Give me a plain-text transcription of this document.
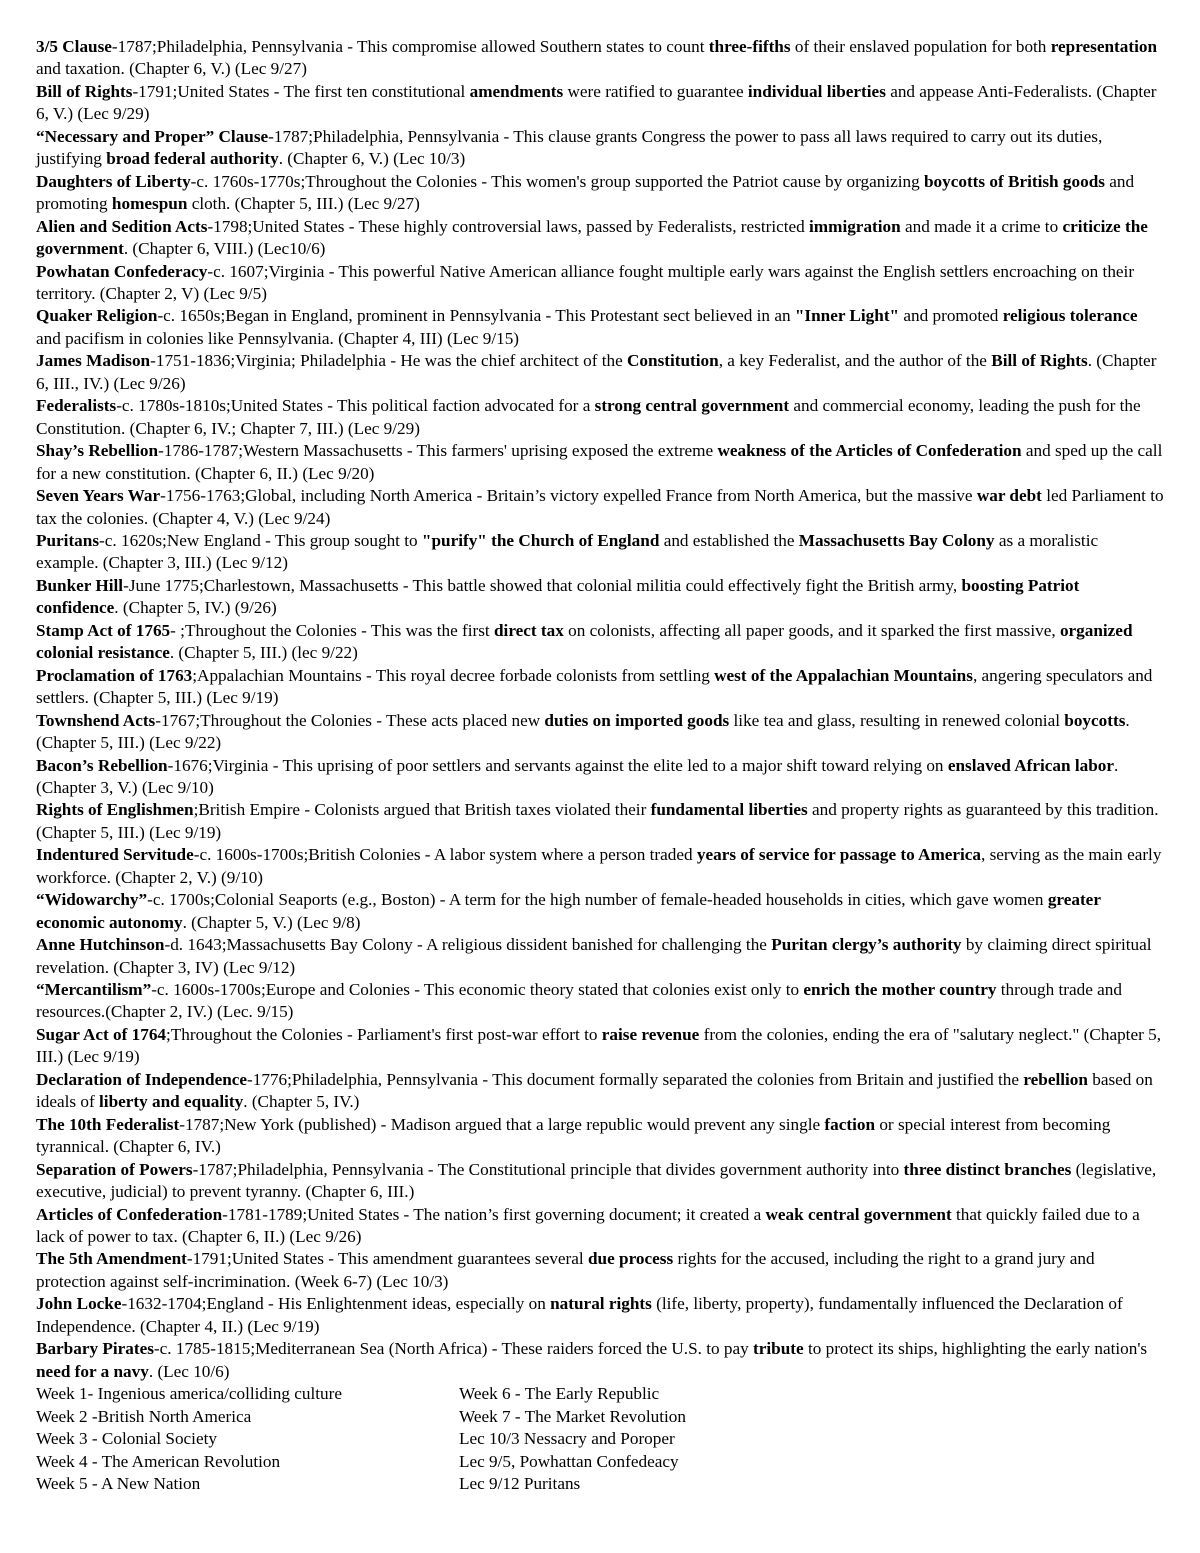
3/5 Clause-1787;Philadelphia, Pennsylvania - This compromise allowed Southern states to count three-fifths of their enslaved population for both representation and taxation. (Chapter 6, V.) (Lec 9/27)

Bill of Rights-1791;United States - The first ten constitutional amendments were ratified to guarantee individual liberties and appease Anti-Federalists. (Chapter 6, V.) (Lec 9/29)

“Necessary and Proper” Clause-1787;Philadelphia, Pennsylvania - This clause grants Congress the power to pass all laws required to carry out its duties, justifying broad federal authority. (Chapter 6, V.) (Lec 10/3)

Daughters of Liberty-c. 1760s-1770s;Throughout the Colonies - This women's group supported the Patriot cause by organizing boycotts of British goods and promoting homespun cloth. (Chapter 5, III.) (Lec 9/27)

Alien and Sedition Acts-1798;United States - These highly controversial laws, passed by Federalists, restricted immigration and made it a crime to criticize the government. (Chapter 6, VIII.) (Lec10/6)

Powhatan Confederacy-c. 1607;Virginia - This powerful Native American alliance fought multiple early wars against the English settlers encroaching on their territory. (Chapter 2, V) (Lec 9/5)

Quaker Religion-c. 1650s;Began in England, prominent in Pennsylvania - This Protestant sect believed in an "Inner Light" and promoted religious tolerance and pacifism in colonies like Pennsylvania. (Chapter 4, III) (Lec 9/15)

James Madison-1751-1836;Virginia; Philadelphia - He was the chief architect of the Constitution, a key Federalist, and the author of the Bill of Rights. (Chapter 6, III., IV.) (Lec 9/26)

Federalists-c. 1780s-1810s;United States - This political faction advocated for a strong central government and commercial economy, leading the push for the Constitution. (Chapter 6, IV.; Chapter 7, III.) (Lec 9/29)

Shay’s Rebellion-1786-1787;Western Massachusetts - This farmers' uprising exposed the extreme weakness of the Articles of Confederation and sped up the call for a new constitution. (Chapter 6, II.) (Lec 9/20)

Seven Years War-1756-1763;Global, including North America - Britain’s victory expelled France from North America, but the massive war debt led Parliament to tax the colonies. (Chapter 4, V.) (Lec 9/24)

Puritans-c. 1620s;New England - This group sought to "purify" the Church of England and established the Massachusetts Bay Colony as a moralistic example. (Chapter 3, III.) (Lec 9/12)

Bunker Hill-June 1775;Charlestown, Massachusetts - This battle showed that colonial militia could effectively fight the British army, boosting Patriot confidence. (Chapter 5, IV.) (9/26)

Stamp Act of 1765- ;Throughout the Colonies - This was the first direct tax on colonists, affecting all paper goods, and it sparked the first massive, organized colonial resistance. (Chapter 5, III.) (lec 9/22)

Proclamation of 1763;Appalachian Mountains - This royal decree forbade colonists from settling west of the Appalachian Mountains, angering speculators and settlers. (Chapter 5, III.) (Lec 9/19)

Townshend Acts-1767;Throughout the Colonies - These acts placed new duties on imported goods like tea and glass, resulting in renewed colonial boycotts. (Chapter 5, III.) (Lec 9/22)

Bacon’s Rebellion-1676;Virginia - This uprising of poor settlers and servants against the elite led to a major shift toward relying on enslaved African labor. (Chapter 3, V.) (Lec 9/10)

Rights of Englishmen;British Empire - Colonists argued that British taxes violated their fundamental liberties and property rights as guaranteed by this tradition. (Chapter 5, III.) (Lec 9/19)

Indentured Servitude-c. 1600s-1700s;British Colonies - A labor system where a person traded years of service for passage to America, serving as the main early workforce. (Chapter 2, V.) (9/10)

“Widowarchy”-c. 1700s;Colonial Seaports (e.g., Boston) - A term for the high number of female-headed households in cities, which gave women greater economic autonomy. (Chapter 5, V.) (Lec 9/8)

Anne Hutchinson-d. 1643;Massachusetts Bay Colony - A religious dissident banished for challenging the Puritan clergy’s authority by claiming direct spiritual revelation. (Chapter 3, IV) (Lec 9/12)

“Mercantilism”-c. 1600s-1700s;Europe and Colonies - This economic theory stated that colonies exist only to enrich the mother country through trade and resources.(Chapter 2, IV.) (Lec. 9/15)

Sugar Act of 1764;Throughout the Colonies - Parliament's first post-war effort to raise revenue from the colonies, ending the era of "salutary neglect." (Chapter 5, III.) (Lec 9/19)

Declaration of Independence-1776;Philadelphia, Pennsylvania - This document formally separated the colonies from Britain and justified the rebellion based on ideals of liberty and equality. (Chapter 5, IV.)

The 10th Federalist-1787;New York (published) - Madison argued that a large republic would prevent any single faction or special interest from becoming tyrannical. (Chapter 6, IV.)

Separation of Powers-1787;Philadelphia, Pennsylvania - The Constitutional principle that divides government authority into three distinct branches (legislative, executive, judicial) to prevent tyranny. (Chapter 6, III.)

Articles of Confederation-1781-1789;United States - The nation’s first governing document; it created a weak central government that quickly failed due to a lack of power to tax. (Chapter 6, II.) (Lec 9/26)

The 5th Amendment-1791;United States - This amendment guarantees several due process rights for the accused, including the right to a grand jury and protection against self-incrimination. (Week 6-7) (Lec 10/3)

John Locke-1632-1704;England - His Enlightenment ideas, especially on natural rights (life, liberty, property), fundamentally influenced the Declaration of Independence. (Chapter 4, II.) (Lec 9/19)

Barbary Pirates-c. 1785-1815;Mediterranean Sea (North Africa) - These raiders forced the U.S. to pay tribute to protect its ships, highlighting the early nation's need for a navy. (Lec 10/6)

Week 1- Ingenious america/colliding culture	Week 6 - The Early Republic
Week 2 -British North America	Week 7 - The Market Revolution
Week 3 - Colonial Society	Lec 10/3 Nessacry and Poroper
Week 4 - The American Revolution	Lec 9/5, Powhattan Confedeacy
Week 5 - A New Nation	Lec 9/12 Puritans
